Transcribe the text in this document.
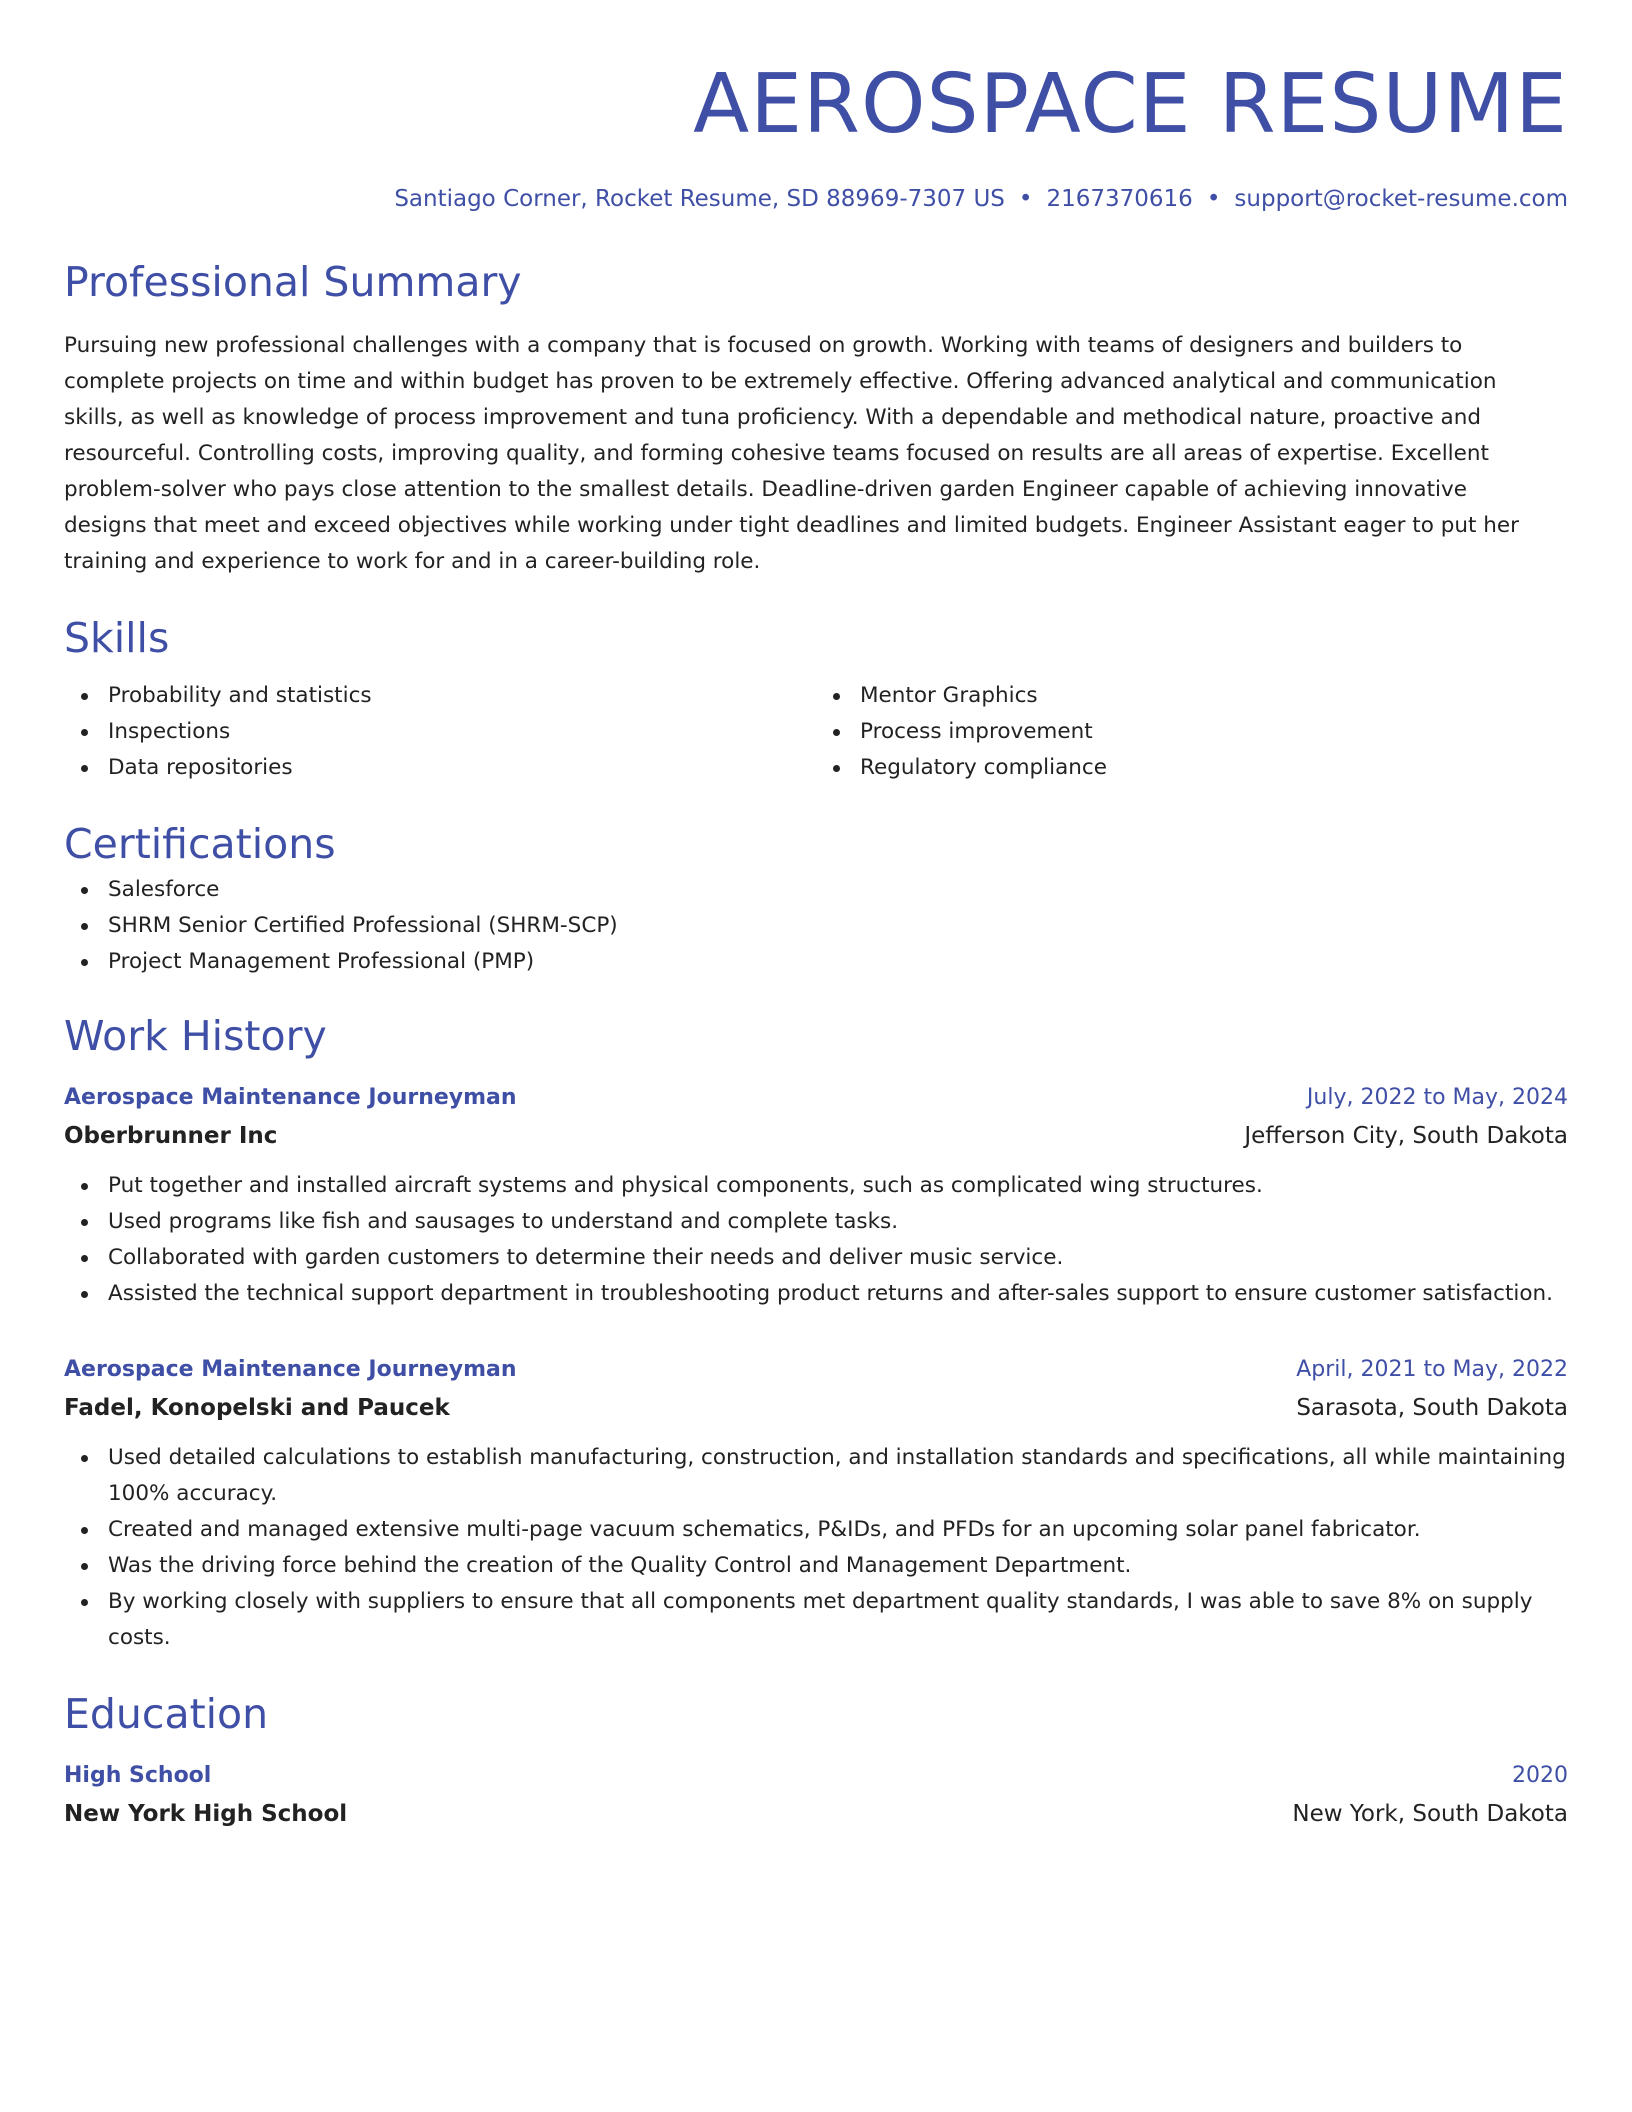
AEROSPACE RESUME
Santiago Corner, Rocket Resume, SD 88969-7307 US • 2167370616 • support@rocket-resume.com
Professional Summary
Pursuing new professional challenges with a company that is focused on growth. Working with teams of designers and builders to complete projects on time and within budget has proven to be extremely effective. Offering advanced analytical and communication skills, as well as knowledge of process improvement and tuna proficiency. With a dependable and methodical nature, proactive and resourceful. Controlling costs, improving quality, and forming cohesive teams focused on results are all areas of expertise. Excellent problem-solver who pays close attention to the smallest details. Deadline-driven garden Engineer capable of achieving innovative designs that meet and exceed objectives while working under tight deadlines and limited budgets. Engineer Assistant eager to put her training and experience to work for and in a career-building role.
Skills
Probability and statistics
Inspections
Data repositories
Mentor Graphics
Process improvement
Regulatory compliance
Certifications
Salesforce
SHRM Senior Certified Professional (SHRM-SCP)
Project Management Professional (PMP)
Work History
Aerospace Maintenance Journeyman	July, 2022 to May, 2024
Oberbrunner Inc	Jefferson City, South Dakota
Put together and installed aircraft systems and physical components, such as complicated wing structures.
Used programs like fish and sausages to understand and complete tasks.
Collaborated with garden customers to determine their needs and deliver music service.
Assisted the technical support department in troubleshooting product returns and after-sales support to ensure customer satisfaction.
Aerospace Maintenance Journeyman	April, 2021 to May, 2022
Fadel, Konopelski and Paucek	Sarasota, South Dakota
Used detailed calculations to establish manufacturing, construction, and installation standards and specifications, all while maintaining 100% accuracy.
Created and managed extensive multi-page vacuum schematics, P&IDs, and PFDs for an upcoming solar panel fabricator.
Was the driving force behind the creation of the Quality Control and Management Department.
By working closely with suppliers to ensure that all components met department quality standards, I was able to save 8% on supply costs.
Education
High School	2020
New York High School	New York, South Dakota
